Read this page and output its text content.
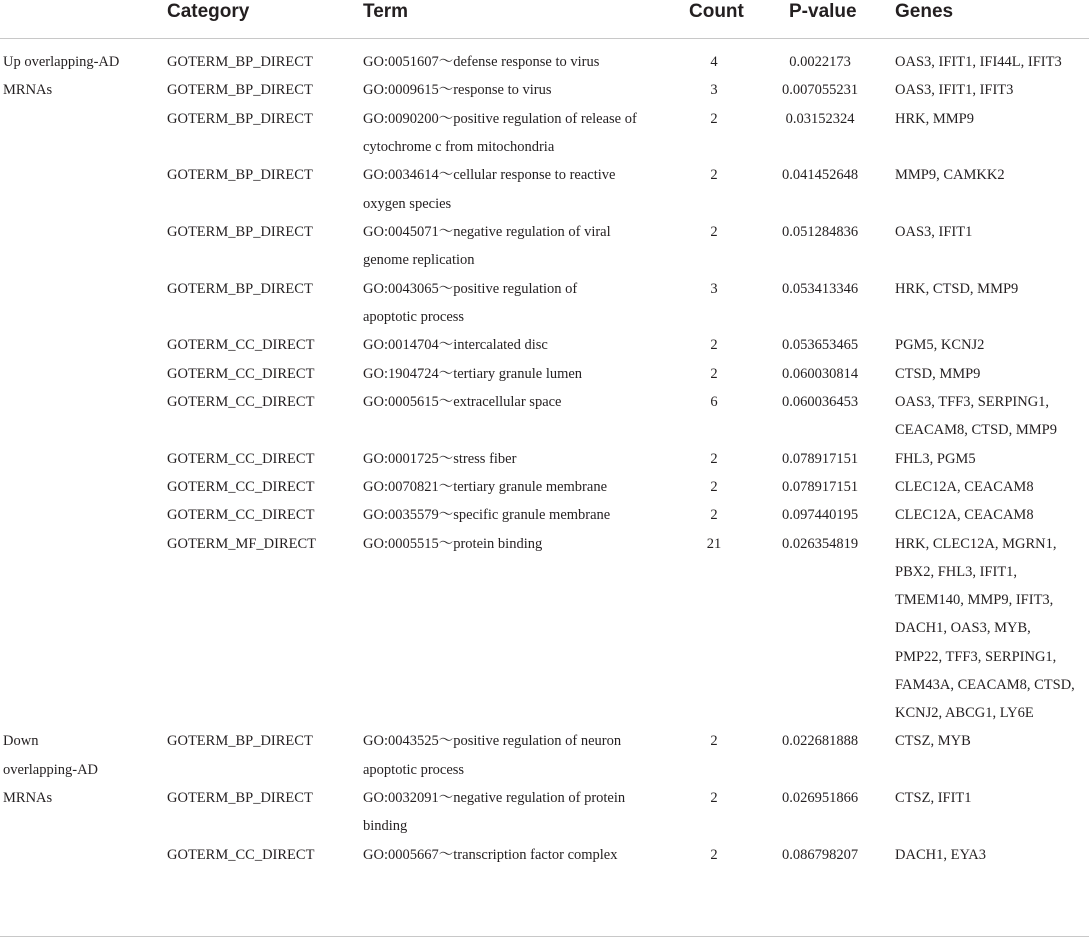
Category	Term	Count P-value Genes
Up overlapping-AD
MRNAs
GOTERM_BP_DIRECT	GO:0051607～defense response to virus	4	0.0022173	OAS3, IFIT1, IFI44L, IFIT3
GOTERM_BP_DIRECT	GO:0009615～response to virus	3	0.007055231	OAS3, IFIT1, IFIT3
GOTERM_BP_DIRECT	GO:0090200～positive regulation of release of
cytochrome c from mitochondria
2	0.03152324	HRK, MMP9
GOTERM_BP_DIRECT	GO:0034614～cellular response to reactive
oxygen species
2	0.041452648	MMP9, CAMKK2
GOTERM_BP_DIRECT	GO:0045071～negative regulation of viral
genome replication
2	0.051284836	OAS3, IFIT1
GOTERM_BP_DIRECT	GO:0043065～positive regulation of
apoptotic process
3	0.053413346	HRK, CTSD, MMP9
GOTERM_CC_DIRECT	GO:0014704～intercalated disc	2	0.053653465	PGM5, KCNJ2
GOTERM_CC_DIRECT	GO:1904724～tertiary granule lumen	2	0.060030814	CTSD, MMP9
GOTERM_CC_DIRECT	GO:0005615～extracellular space	6	0.060036453	OAS3, TFF3, SERPING1,
CEACAM8, CTSD, MMP9
GOTERM_CC_DIRECT	GO:0001725～stress fiber	2	0.078917151	FHL3, PGM5
GOTERM_CC_DIRECT	GO:0070821～tertiary granule membrane	2	0.078917151	CLEC12A, CEACAM8
GOTERM_CC_DIRECT	GO:0035579～specific granule membrane	2	0.097440195	CLEC12A, CEACAM8
GOTERM_MF_DIRECT	GO:0005515～protein binding	21	0.026354819	HRK, CLEC12A, MGRN1,
PBX2, FHL3, IFIT1,
TMEM140, MMP9, IFIT3,
DACH1, OAS3, MYB,
PMP22, TFF3, SERPING1,
FAM43A, CEACAM8, CTSD,
KCNJ2, ABCG1, LY6E
Down
overlapping-AD
MRNAs
GOTERM_BP_DIRECT	GO:0043525～positive regulation of neuron
apoptotic process
2	0.022681888	CTSZ, MYB
GOTERM_BP_DIRECT	GO:0032091～negative regulation of protein
binding
2	0.026951866	CTSZ, IFIT1
GOTERM_CC_DIRECT	GO:0005667～transcription factor complex	2	0.086798207	DACH1, EYA3
